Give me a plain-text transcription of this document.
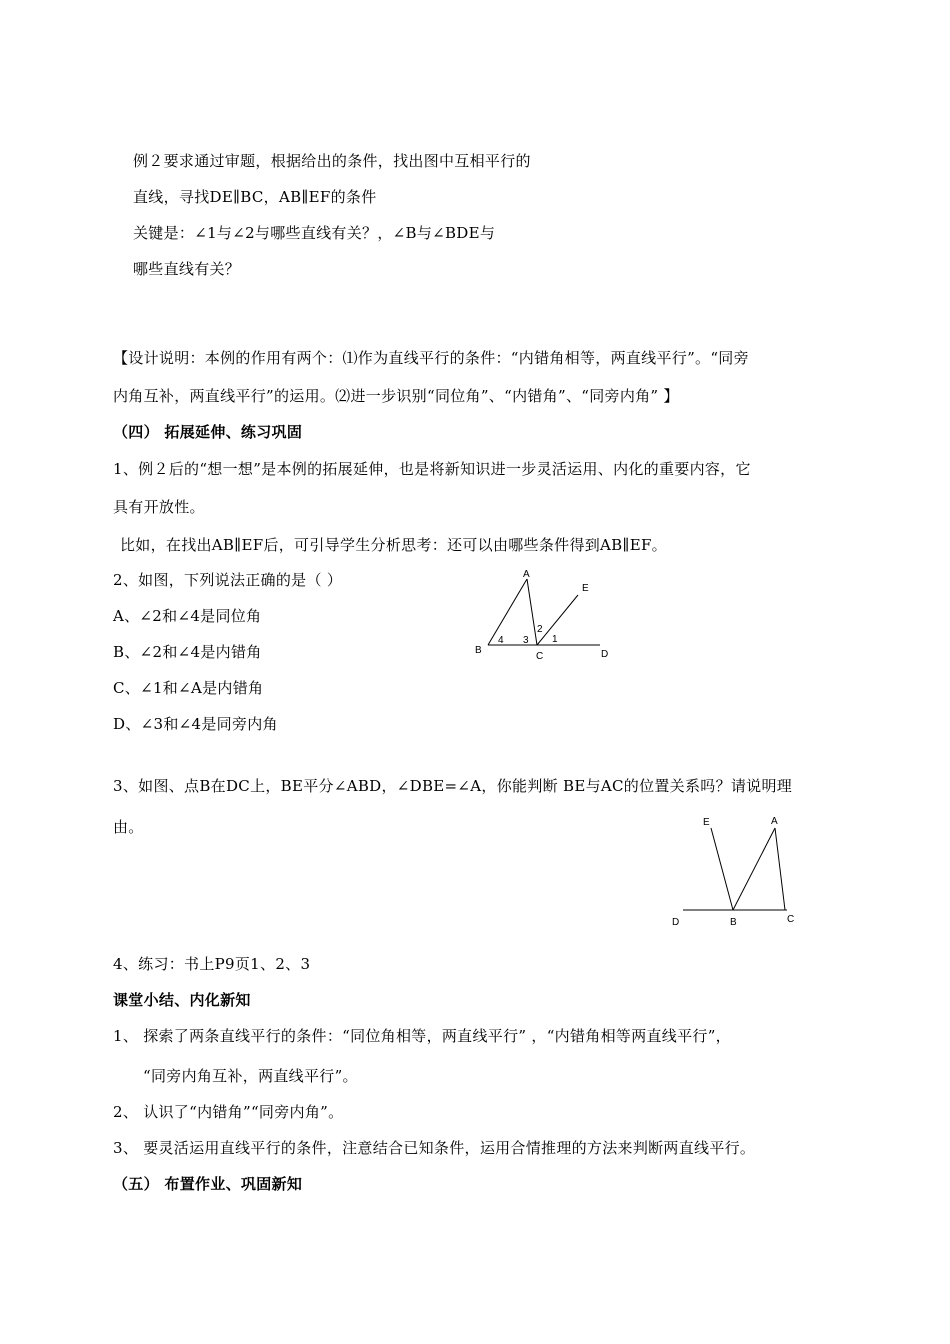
例２要求通过审题，根据给出的条件，找出图中互相平行的
直线，寻找DE∥BC，AB∥EF的条件
关键是：∠1与∠2与哪些直线有关？，∠B与∠BDE与
哪些直线有关？
【设计说明：本例的作用有两个：⑴作为直线平行的条件：“内错角相等，两直线平行”。“同旁
内角互补，两直线平行”的运用。⑵进一步识别“同位角”、“内错角”、“同旁内角” 】
（四） 拓展延伸、练习巩固
1、例２后的“想一想”是本例的拓展延伸，也是将新知识进一步灵活运用、内化的重要内容，它
具有开放性。
比如，在找出AB∥EF后，可引导学生分析思考：还可以由哪些条件得到AB∥EF。
2、如图，下列说法正确的是（ ）
A、∠2和∠4是同位角
B、∠2和∠4是内错角
C、∠1和∠A是内错角
D、∠3和∠4是同旁内角
A
E
B
C	D
1
2
3
4
3、如图、点B在DC上，BE平分∠ABD，∠DBE=∠A，你能判断 BE与AC的位置关系吗？请说明理
由。	E	A
D	B	C
4、练习：书上P9页1、2、3
课堂小结、内化新知
1、 探索了两条直线平行的条件：“同位角相等，两直线平行” ，“内错角相等两直线平行”，
“同旁内角互补，两直线平行”。
2、 认识了“内错角”“同旁内角”。
3、 要灵活运用直线平行的条件，注意结合已知条件，运用合情推理的方法来判断两直线平行。
（五） 布置作业、巩固新知
